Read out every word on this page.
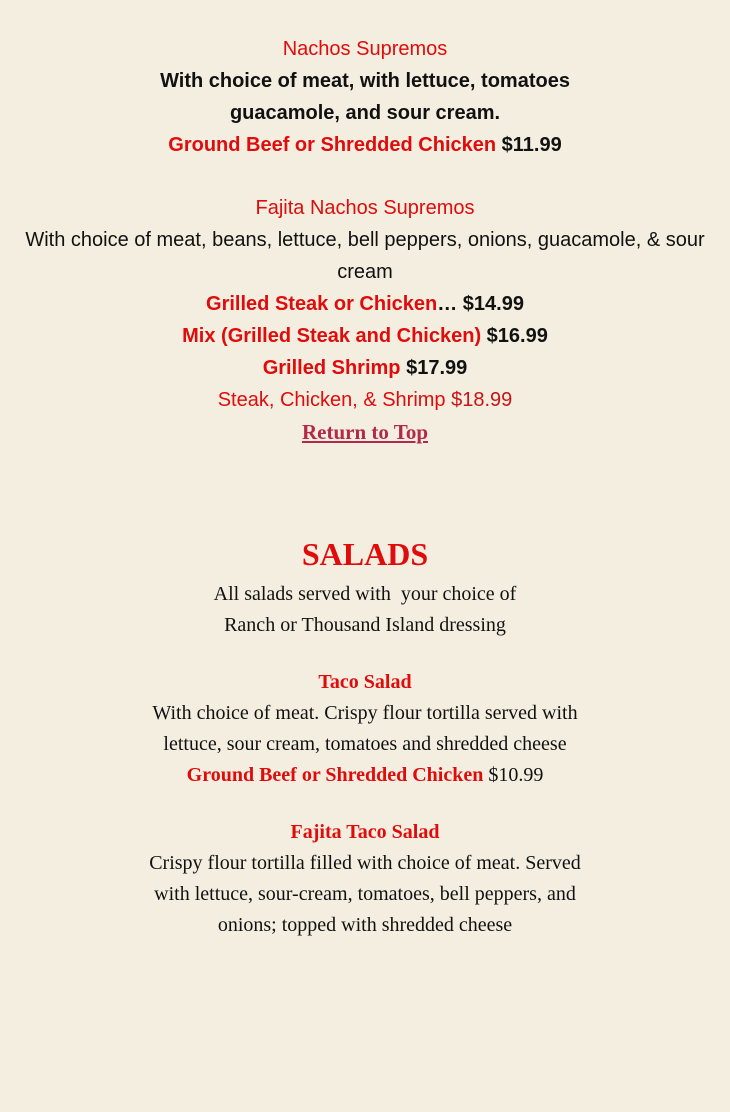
Nachos Supremos
With choice of meat, with lettuce, tomatoes
guacamole, and sour cream.
Ground Beef or Shredded Chicken $11.99
Fajita Nachos Supremos
With choice of meat, beans, lettuce, bell peppers, onions, guacamole, & sour cream
Grilled Steak or Chicken… $14.99
Mix (Grilled Steak and Chicken) $16.99
Grilled Shrimp $17.99
Steak, Chicken, & Shrimp $18.99
Return to Top
SALADS
All salads served with  your choice of
Ranch or Thousand Island dressing
Taco Salad
With choice of meat. Crispy flour tortilla served with
lettuce, sour cream, tomatoes and shredded cheese
Ground Beef or Shredded Chicken $10.99
Fajita Taco Salad
Crispy flour tortilla filled with choice of meat. Served
with lettuce, sour-cream, tomatoes, bell peppers, and
onions; topped with shredded cheese
